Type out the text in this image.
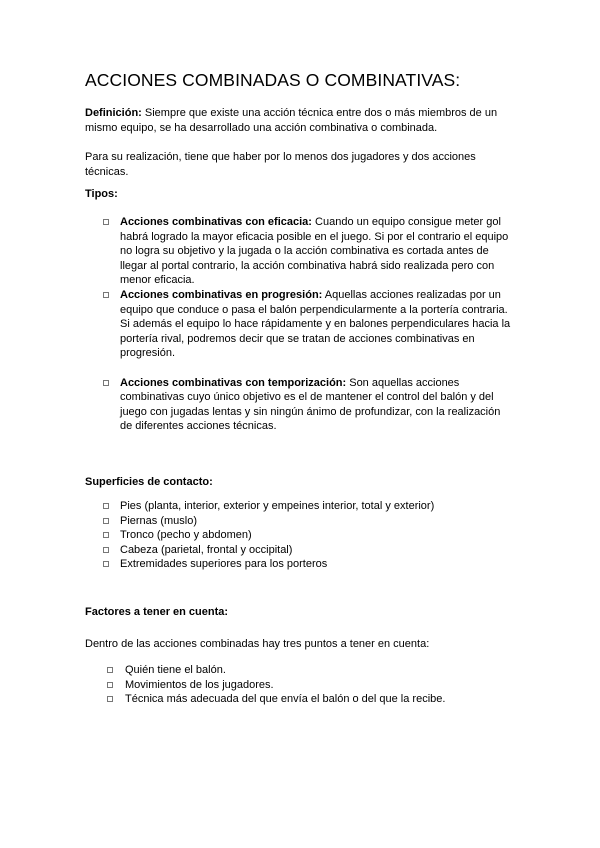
ACCIONES COMBINADAS O COMBINATIVAS:

Definición: Siempre que existe una acción técnica entre dos o más miembros de un mismo equipo, se ha desarrollado una acción combinativa o combinada.

Para su realización, tiene que haber por lo menos dos jugadores y dos acciones técnicas.

Tipos:

Acciones combinativas con eficacia: Cuando un equipo consigue meter gol habrá logrado la mayor eficacia posible en el juego. Si por el contrario el equipo no logra su objetivo y la jugada o la acción combinativa es cortada antes de llegar al portal contrario, la acción combinativa habrá sido realizada pero con menor eficacia.
Acciones combinativas en progresión: Aquellas acciones realizadas por un equipo que conduce o pasa el balón perpendicularmente a la portería contraria. Si además el equipo lo hace rápidamente y en balones perpendiculares hacia la portería rival, podremos decir que se tratan de acciones combinativas en progresión.
Acciones combinativas con temporización: Son aquellas acciones combinativas cuyo único objetivo es el de mantener el control del balón y del juego con jugadas lentas y sin ningún ánimo de profundizar, con la realización de diferentes acciones técnicas.

Superficies de contacto:

Pies (planta, interior, exterior y empeines interior, total y exterior)
Piernas (muslo)
Tronco (pecho y abdomen)
Cabeza (parietal, frontal y occipital)
Extremidades superiores para los porteros

Factores a tener en cuenta:

Dentro de las acciones combinadas hay tres puntos a tener en cuenta:

Quién tiene el balón.
Movimientos de los jugadores.
Técnica más adecuada del que envía el balón o del que la recibe.
